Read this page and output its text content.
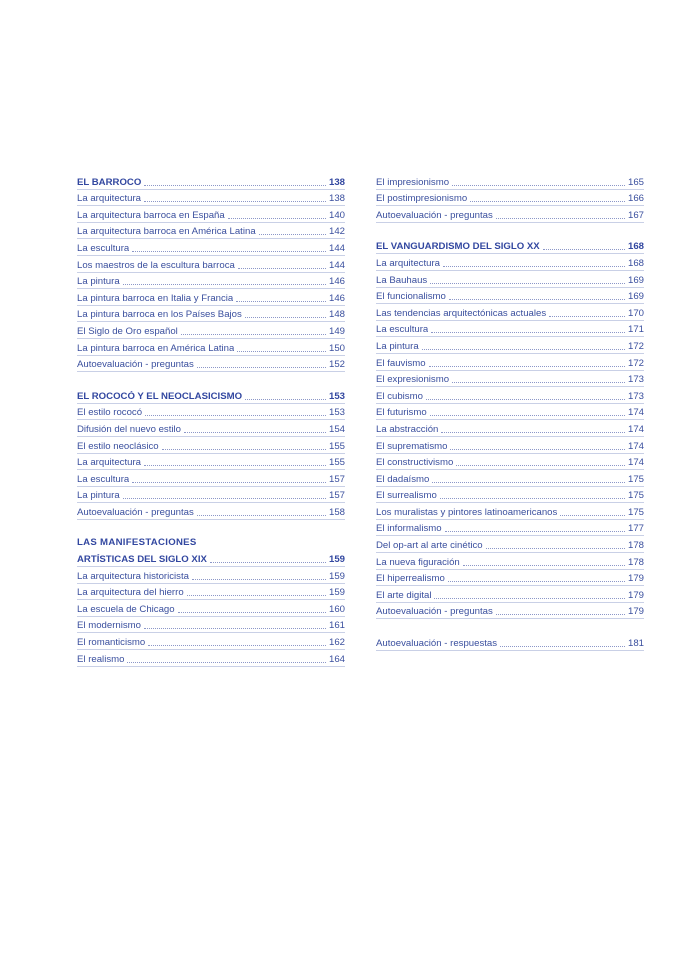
EL BARROCO	138
La arquitectura	138
La arquitectura barroca en España	140
La arquitectura barroca en América Latina	142
La escultura	144
Los maestros de la escultura barroca	144
La pintura	146
La pintura barroca en Italia y Francia	146
La pintura barroca en los Países Bajos	148
El Siglo de Oro español	149
La pintura barroca en América Latina	150
Autoevaluación - preguntas	152
EL ROCOCÓ Y EL NEOCLASICISMO	153
El estilo rococó	153
Difusión del nuevo estilo	154
El estilo neoclásico	155
La arquitectura	155
La escultura	157
La pintura	157
Autoevaluación - preguntas	158
LAS MANIFESTACIONES
ARTÍSTICAS DEL SIGLO XIX	159
La arquitectura historicista	159
La arquitectura del hierro	159
La escuela de Chicago	160
El modernismo	161
El romanticismo	162
El realismo	164
El impresionismo	165
El postimpresionismo	166
Autoevaluación - preguntas	167
EL VANGUARDISMO DEL SIGLO XX	168
La arquitectura	168
La Bauhaus	169
El funcionalismo	169
Las tendencias arquitectónicas actuales	170
La escultura	171
La pintura	172
El fauvismo	172
El expresionismo	173
El cubismo	173
El futurismo	174
La abstracción	174
El suprematismo	174
El constructivismo	174
El dadaísmo	175
El surrealismo	175
Los muralistas y pintores latinoamericanos	175
El informalismo	177
Del op-art al arte cinético	178
La nueva figuración	178
El hiperrealismo	179
El arte digital	179
Autoevaluación - preguntas	179
Autoevaluación - respuestas	181
